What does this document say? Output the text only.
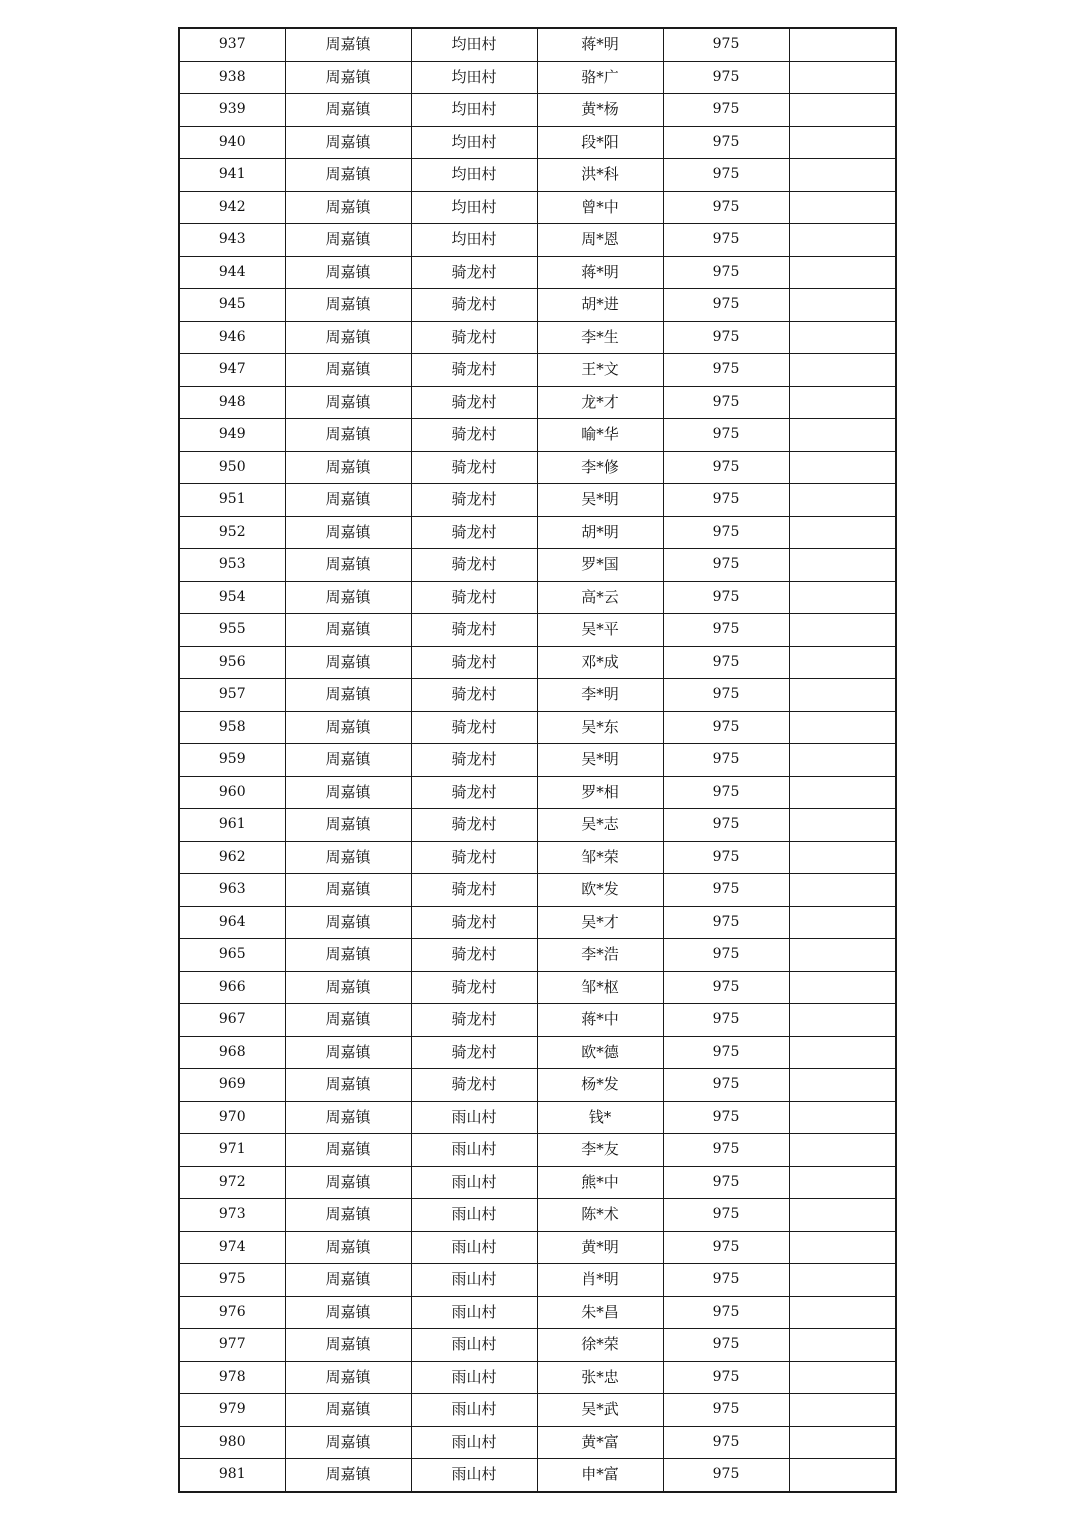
937	周嘉镇	均田村	蒋*明	975	
938	周嘉镇	均田村	骆*广	975	
939	周嘉镇	均田村	黄*杨	975	
940	周嘉镇	均田村	段*阳	975	
941	周嘉镇	均田村	洪*科	975	
942	周嘉镇	均田村	曾*中	975	
943	周嘉镇	均田村	周*恩	975	
944	周嘉镇	骑龙村	蒋*明	975	
945	周嘉镇	骑龙村	胡*进	975	
946	周嘉镇	骑龙村	李*生	975	
947	周嘉镇	骑龙村	王*文	975	
948	周嘉镇	骑龙村	龙*才	975	
949	周嘉镇	骑龙村	喻*华	975	
950	周嘉镇	骑龙村	李*修	975	
951	周嘉镇	骑龙村	吴*明	975	
952	周嘉镇	骑龙村	胡*明	975	
953	周嘉镇	骑龙村	罗*国	975	
954	周嘉镇	骑龙村	高*云	975	
955	周嘉镇	骑龙村	吴*平	975	
956	周嘉镇	骑龙村	邓*成	975	
957	周嘉镇	骑龙村	李*明	975	
958	周嘉镇	骑龙村	吴*东	975	
959	周嘉镇	骑龙村	吴*明	975	
960	周嘉镇	骑龙村	罗*相	975	
961	周嘉镇	骑龙村	吴*志	975	
962	周嘉镇	骑龙村	邹*荣	975	
963	周嘉镇	骑龙村	欧*发	975	
964	周嘉镇	骑龙村	吴*才	975	
965	周嘉镇	骑龙村	李*浩	975	
966	周嘉镇	骑龙村	邹*枢	975	
967	周嘉镇	骑龙村	蒋*中	975	
968	周嘉镇	骑龙村	欧*德	975	
969	周嘉镇	骑龙村	杨*发	975	
970	周嘉镇	雨山村	钱*	975	
971	周嘉镇	雨山村	李*友	975	
972	周嘉镇	雨山村	熊*中	975	
973	周嘉镇	雨山村	陈*术	975	
974	周嘉镇	雨山村	黄*明	975	
975	周嘉镇	雨山村	肖*明	975	
976	周嘉镇	雨山村	朱*昌	975	
977	周嘉镇	雨山村	徐*荣	975	
978	周嘉镇	雨山村	张*忠	975	
979	周嘉镇	雨山村	吴*武	975	
980	周嘉镇	雨山村	黄*富	975	
981	周嘉镇	雨山村	申*富	975	
